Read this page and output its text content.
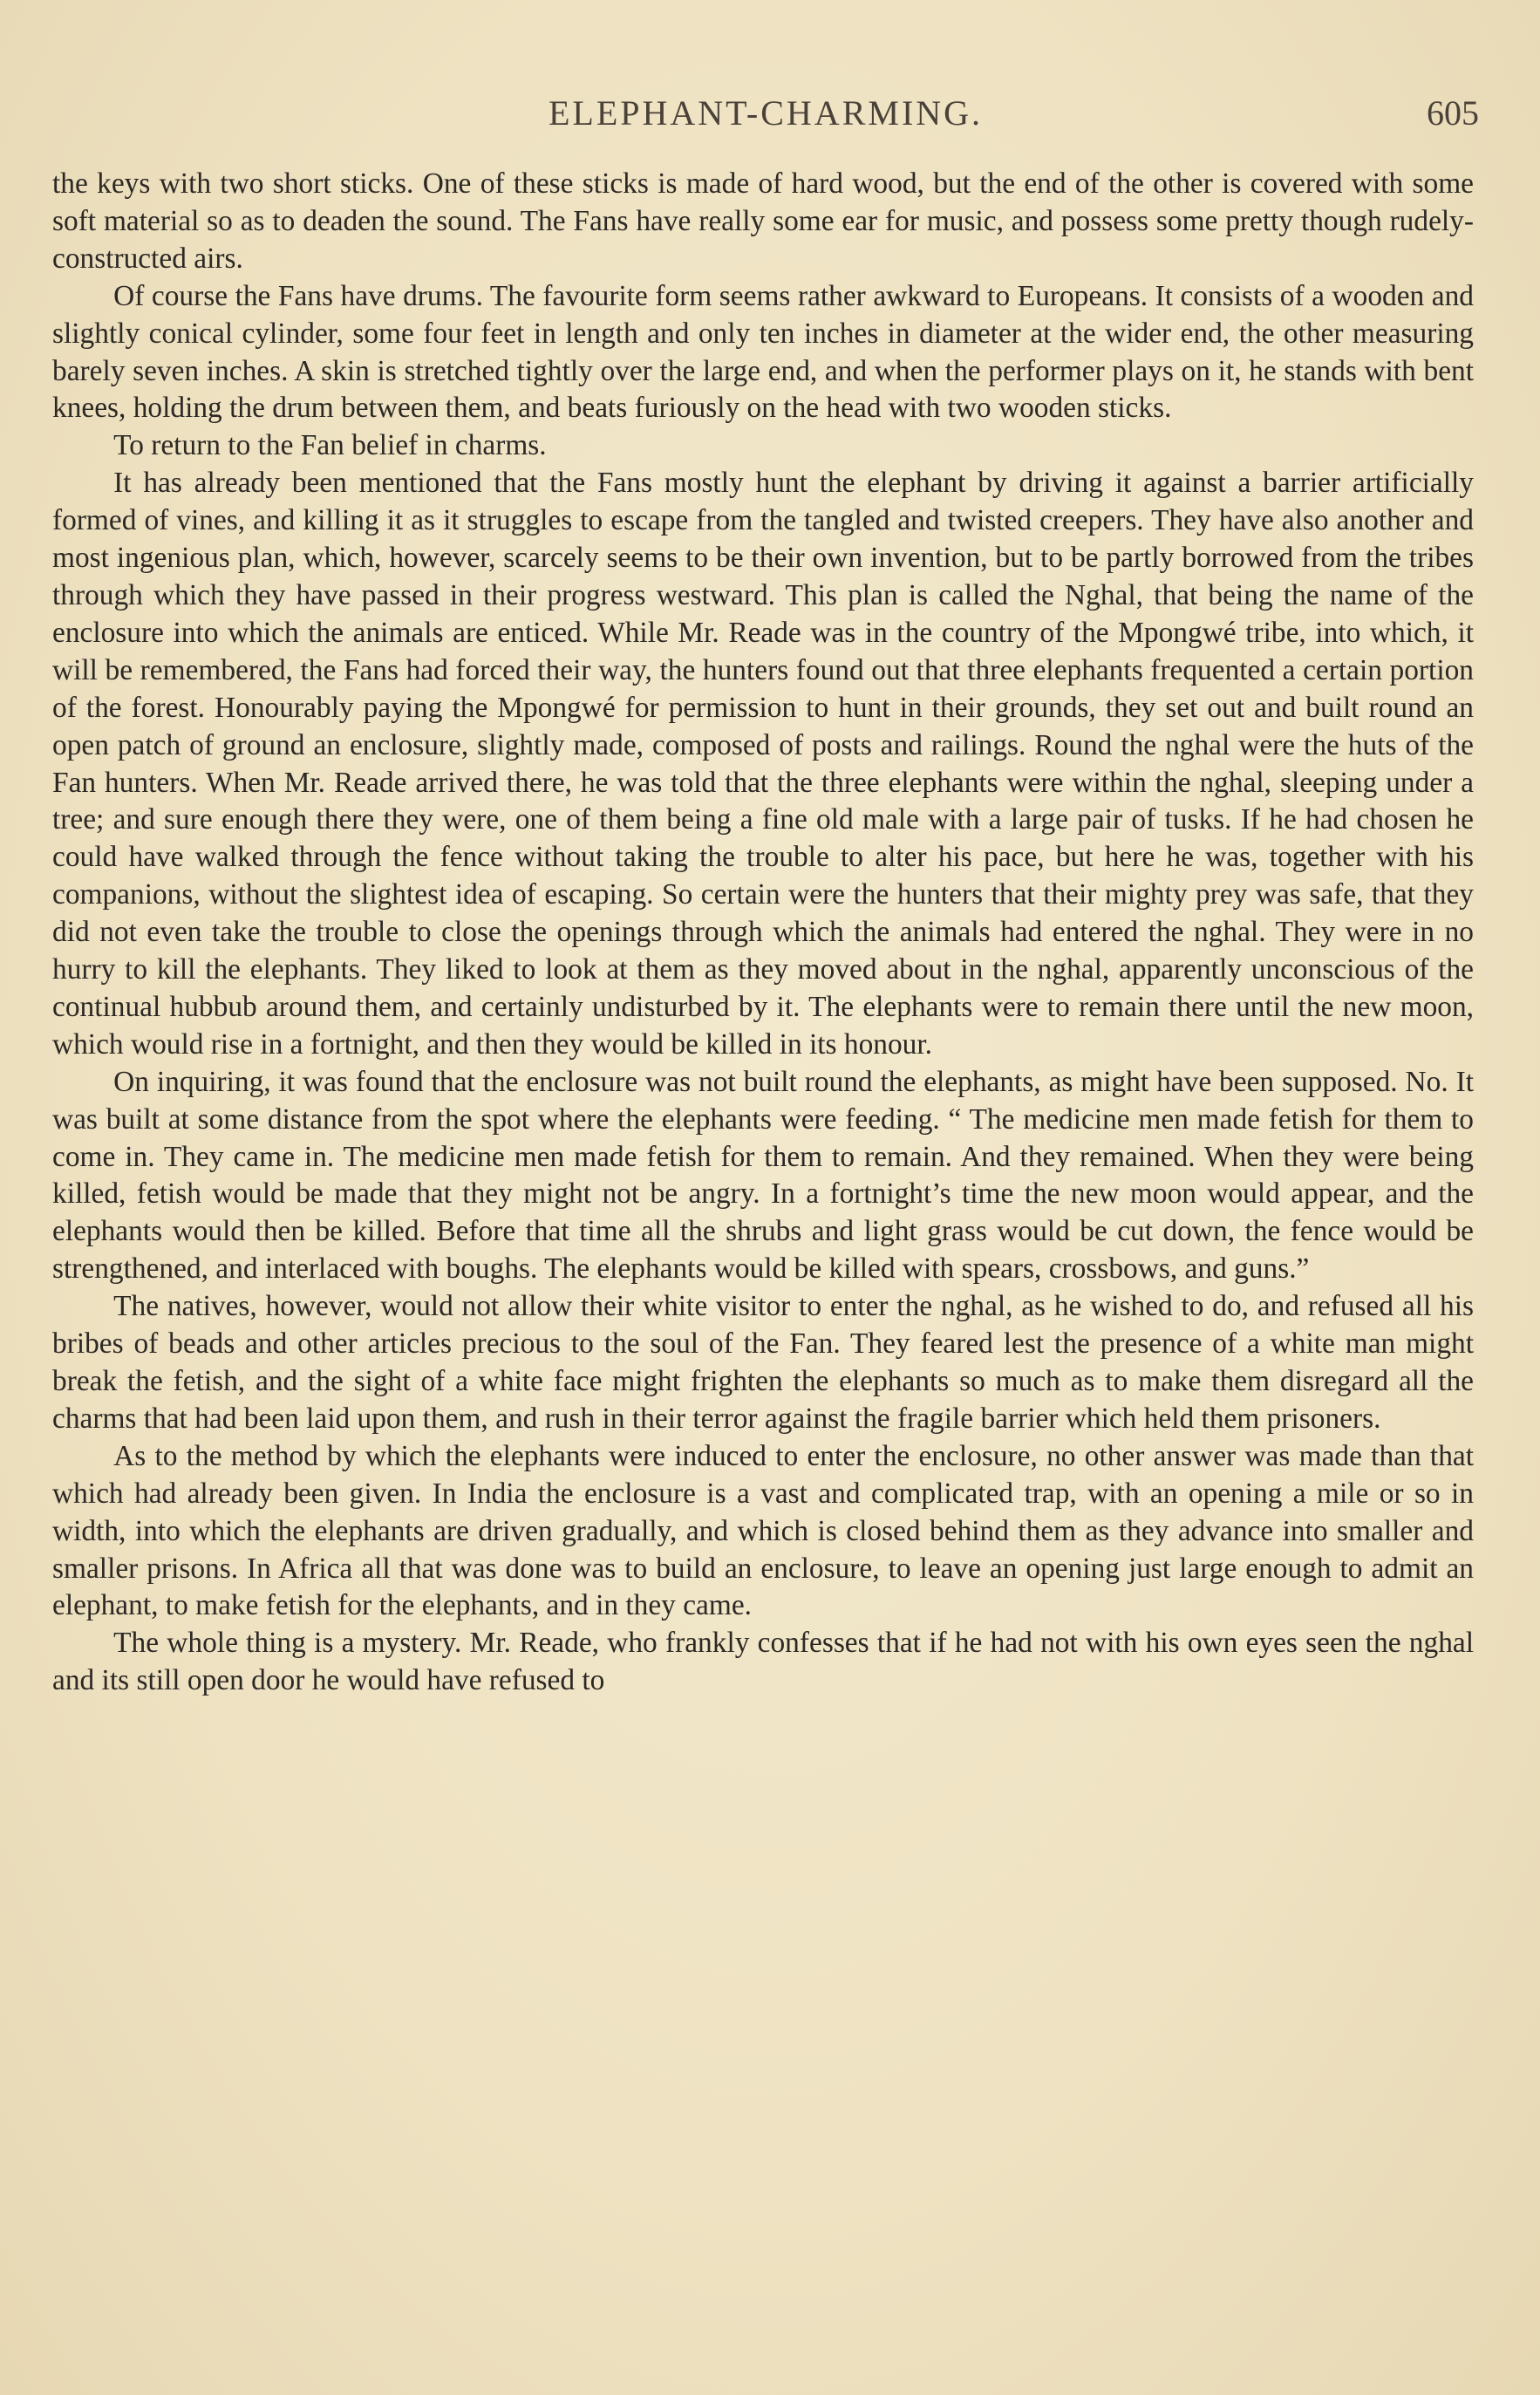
ELEPHANT-CHARMING.	605

the keys with two short sticks. One of these sticks is made of hard wood, but the end of the other is covered with some soft material so as to deaden the sound. The Fans have really some ear for music, and possess some pretty though rudely-constructed airs.

Of course the Fans have drums. The favourite form seems rather awkward to Europeans. It consists of a wooden and slightly conical cylinder, some four feet in length and only ten inches in diameter at the wider end, the other measuring barely seven inches. A skin is stretched tightly over the large end, and when the performer plays on it, he stands with bent knees, holding the drum between them, and beats furiously on the head with two wooden sticks.

To return to the Fan belief in charms.

It has already been mentioned that the Fans mostly hunt the elephant by driving it against a barrier artificially formed of vines, and killing it as it struggles to escape from the tangled and twisted creepers. They have also another and most ingenious plan, which, however, scarcely seems to be their own invention, but to be partly borrowed from the tribes through which they have passed in their progress westward. This plan is called the Nghal, that being the name of the enclosure into which the animals are enticed. While Mr. Reade was in the country of the Mpongwé tribe, into which, it will be remembered, the Fans had forced their way, the hunters found out that three elephants frequented a certain portion of the forest. Honourably paying the Mpongwé for permission to hunt in their grounds, they set out and built round an open patch of ground an enclosure, slightly made, composed of posts and railings. Round the nghal were the huts of the Fan hunters. When Mr. Reade arrived there, he was told that the three elephants were within the nghal, sleeping under a tree; and sure enough there they were, one of them being a fine old male with a large pair of tusks. If he had chosen he could have walked through the fence without taking the trouble to alter his pace, but here he was, together with his companions, without the slightest idea of escaping. So certain were the hunters that their mighty prey was safe, that they did not even take the trouble to close the openings through which the animals had entered the nghal. They were in no hurry to kill the elephants. They liked to look at them as they moved about in the nghal, apparently unconscious of the continual hubbub around them, and certainly undisturbed by it. The elephants were to remain there until the new moon, which would rise in a fortnight, and then they would be killed in its honour.

On inquiring, it was found that the enclosure was not built round the elephants, as might have been supposed. No. It was built at some distance from the spot where the elephants were feeding. “ The medicine men made fetish for them to come in. They came in. The medicine men made fetish for them to remain. And they remained. When they were being killed, fetish would be made that they might not be angry. In a fortnight’s time the new moon would appear, and the elephants would then be killed. Before that time all the shrubs and light grass would be cut down, the fence would be strengthened, and interlaced with boughs. The elephants would be killed with spears, crossbows, and guns.”

The natives, however, would not allow their white visitor to enter the nghal, as he wished to do, and refused all his bribes of beads and other articles precious to the soul of the Fan. They feared lest the presence of a white man might break the fetish, and the sight of a white face might frighten the elephants so much as to make them disregard all the charms that had been laid upon them, and rush in their terror against the fragile barrier which held them prisoners.

As to the method by which the elephants were induced to enter the enclosure, no other answer was made than that which had already been given. In India the enclosure is a vast and complicated trap, with an opening a mile or so in width, into which the elephants are driven gradually, and which is closed behind them as they advance into smaller and smaller prisons. In Africa all that was done was to build an enclosure, to leave an opening just large enough to admit an elephant, to make fetish for the elephants, and in they came.

The whole thing is a mystery. Mr. Reade, who frankly confesses that if he had not with his own eyes seen the nghal and its still open door he would have refused to
